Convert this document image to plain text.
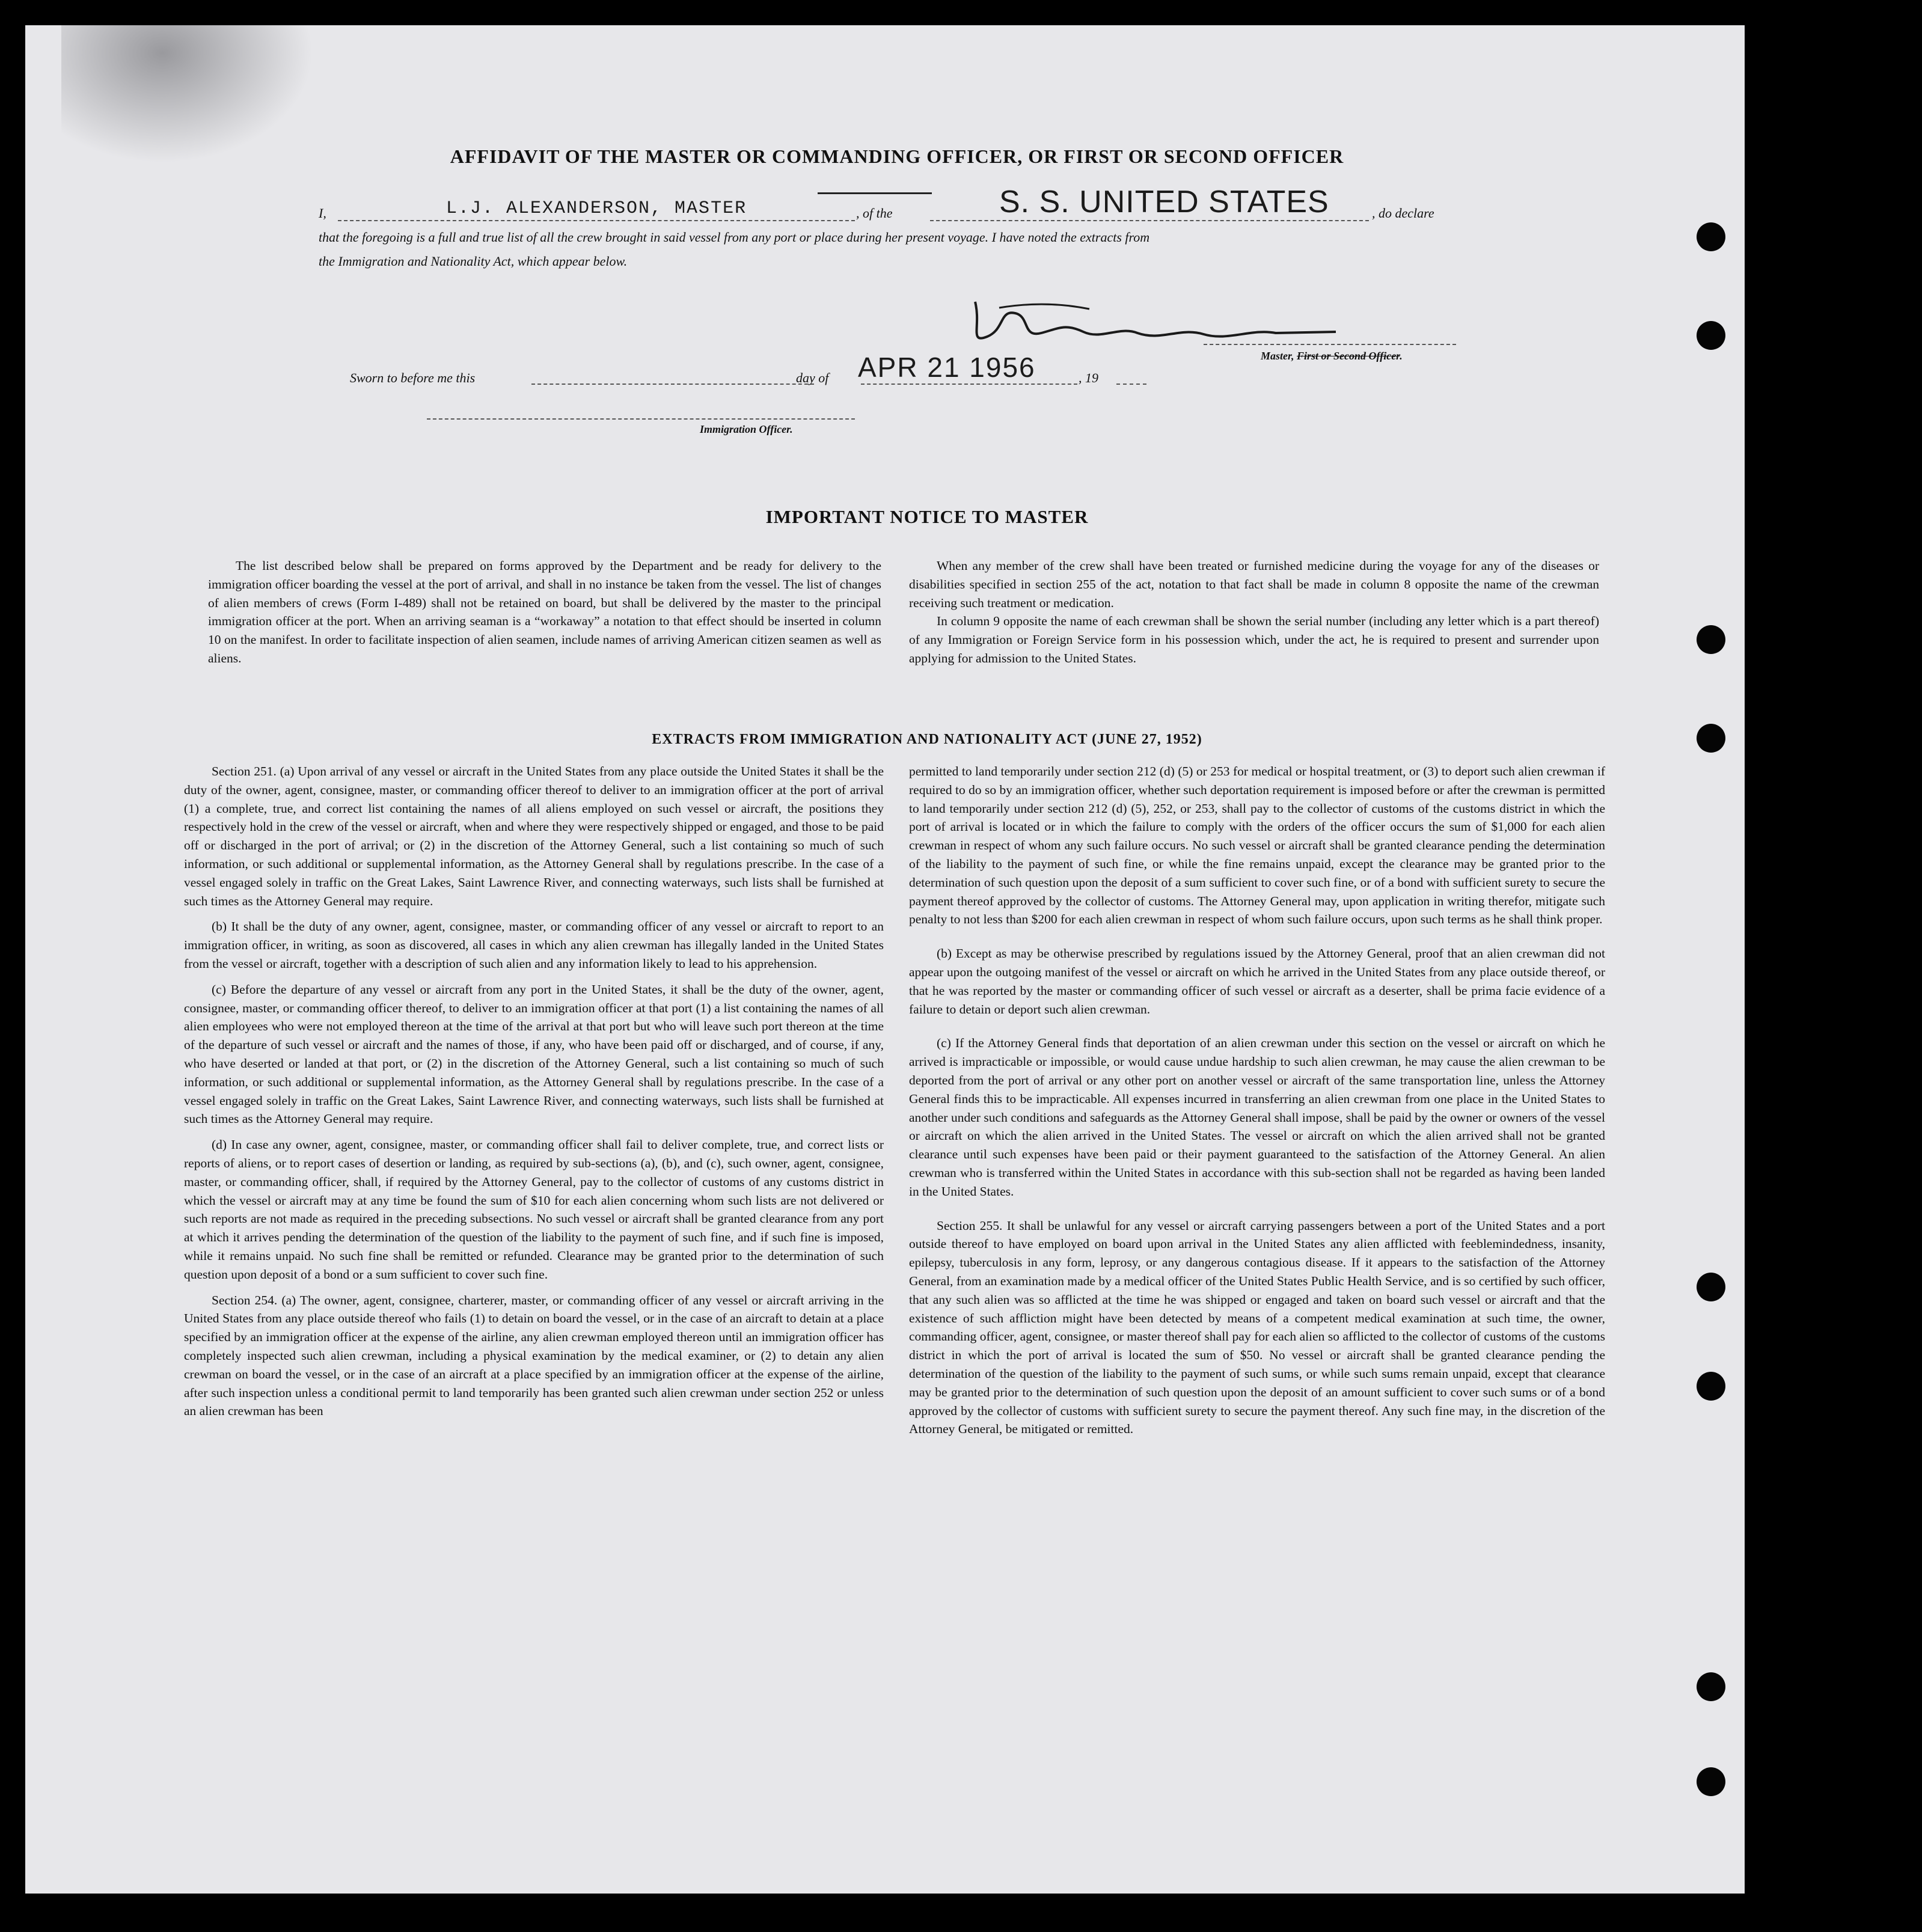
AFFIDAVIT OF THE MASTER OR COMMANDING OFFICER, OR FIRST OR SECOND OFFICER
I,	L.J. ALEXANDERSON, MASTER	, of the	S. S. UNITED STATES	, do declare
that the foregoing is a full and true list of all the crew brought in said vessel from any port or place during her present voyage. I have noted the extracts from
the Immigration and Nationality Act, which appear below.
Master, First or Second Officer.
Sworn to before me this	day of APR 21 1956	, 19
Immigration Officer.
IMPORTANT NOTICE TO MASTER

The list described below shall be prepared on forms approved by the Department and be ready for delivery to the immigration officer boarding the vessel at the port of arrival, and shall in no instance be taken from the vessel. The list of changes of alien members of crews (Form I-489) shall not be retained on board, but shall be delivered by the master to the principal immigration officer at the port. When an arriving seaman is a “workaway” a notation to that effect should be inserted in column 10 on the manifest. In order to facilitate inspection of alien seamen, include names of arriving American citizen seamen as well as aliens.

When any member of the crew shall have been treated or furnished medicine during the voyage for any of the diseases or disabilities specified in section 255 of the act, notation to that fact shall be made in column 8 opposite the name of the crewman receiving such treatment or medication.

In column 9 opposite the name of each crewman shall be shown the serial number (including any letter which is a part thereof) of any Immigration or Foreign Service form in his possession which, under the act, he is required to present and surrender upon applying for admission to the United States.

EXTRACTS FROM IMMIGRATION AND NATIONALITY ACT (JUNE 27, 1952)

Section 251. (a) Upon arrival of any vessel or aircraft in the United States from any place outside the United States it shall be the duty of the owner, agent, consignee, master, or commanding officer thereof to deliver to an immigration officer at the port of arrival (1) a complete, true, and correct list containing the names of all aliens employed on such vessel or aircraft, the positions they respectively hold in the crew of the vessel or aircraft, when and where they were respectively shipped or engaged, and those to be paid off or discharged in the port of arrival; or (2) in the discretion of the Attorney General, such a list containing so much of such information, or such additional or supplemental information, as the Attorney General shall by regulations prescribe. In the case of a vessel engaged solely in traffic on the Great Lakes, Saint Lawrence River, and connecting waterways, such lists shall be furnished at such times as the Attorney General may require.

(b) It shall be the duty of any owner, agent, consignee, master, or commanding officer of any vessel or aircraft to report to an immigration officer, in writing, as soon as discovered, all cases in which any alien crewman has illegally landed in the United States from the vessel or aircraft, together with a description of such alien and any information likely to lead to his apprehension.

(c) Before the departure of any vessel or aircraft from any port in the United States, it shall be the duty of the owner, agent, consignee, master, or commanding officer thereof, to deliver to an immigration officer at that port (1) a list containing the names of all alien employees who were not employed thereon at the time of the arrival at that port but who will leave such port thereon at the time of the departure of such vessel or aircraft and the names of those, if any, who have been paid off or discharged, and of course, if any, who have deserted or landed at that port, or (2) in the discretion of the Attorney General, such a list containing so much of such information, or such additional or supplemental information, as the Attorney General shall by regulations prescribe. In the case of a vessel engaged solely in traffic on the Great Lakes, Saint Lawrence River, and connecting waterways, such lists shall be furnished at such times as the Attorney General may require.

(d) In case any owner, agent, consignee, master, or commanding officer shall fail to deliver complete, true, and correct lists or reports of aliens, or to report cases of desertion or landing, as required by sub-sections (a), (b), and (c), such owner, agent, consignee, master, or commanding officer, shall, if required by the Attorney General, pay to the collector of customs of any customs district in which the vessel or aircraft may at any time be found the sum of $10 for each alien concerning whom such lists are not delivered or such reports are not made as required in the preceding subsections. No such vessel or aircraft shall be granted clearance from any port at which it arrives pending the determination of the question of the liability to the payment of such fine, and if such fine is imposed, while it remains unpaid. No such fine shall be remitted or refunded. Clearance may be granted prior to the determination of such question upon deposit of a bond or a sum sufficient to cover such fine.

Section 254. (a) The owner, agent, consignee, charterer, master, or commanding officer of any vessel or aircraft arriving in the United States from any place outside thereof who fails (1) to detain on board the vessel, or in the case of an aircraft to detain at a place specified by an immigration officer at the expense of the airline, any alien crewman employed thereon until an immigration officer has completely inspected such alien crewman, including a physical examination by the medical examiner, or (2) to detain any alien crewman on board the vessel, or in the case of an aircraft at a place specified by an immigration officer at the expense of the airline, after such inspection unless a conditional permit to land temporarily has been granted such alien crewman under section 252 or unless an alien crewman has been

permitted to land temporarily under section 212 (d) (5) or 253 for medical or hospital treatment, or (3) to deport such alien crewman if required to do so by an immigration officer, whether such deportation requirement is imposed before or after the crewman is permitted to land temporarily under section 212 (d) (5), 252, or 253, shall pay to the collector of customs of the customs district in which the port of arrival is located or in which the failure to comply with the orders of the officer occurs the sum of $1,000 for each alien crewman in respect of whom any such failure occurs. No such vessel or aircraft shall be granted clearance pending the determination of the liability to the payment of such fine, or while the fine remains unpaid, except the clearance may be granted prior to the determination of such question upon the deposit of a sum sufficient to cover such fine, or of a bond with sufficient surety to secure the payment thereof approved by the collector of customs. The Attorney General may, upon application in writing therefor, mitigate such penalty to not less than $200 for each alien crewman in respect of whom such failure occurs, upon such terms as he shall think proper.

(b) Except as may be otherwise prescribed by regulations issued by the Attorney General, proof that an alien crewman did not appear upon the outgoing manifest of the vessel or aircraft on which he arrived in the United States from any place outside thereof, or that he was reported by the master or commanding officer of such vessel or aircraft as a deserter, shall be prima facie evidence of a failure to detain or deport such alien crewman.

(c) If the Attorney General finds that deportation of an alien crewman under this section on the vessel or aircraft on which he arrived is impracticable or impossible, or would cause undue hardship to such alien crewman, he may cause the alien crewman to be deported from the port of arrival or any other port on another vessel or aircraft of the same transportation line, unless the Attorney General finds this to be impracticable. All expenses incurred in transferring an alien crewman from one place in the United States to another under such conditions and safeguards as the Attorney General shall impose, shall be paid by the owner or owners of the vessel or aircraft on which the alien arrived in the United States. The vessel or aircraft on which the alien arrived shall not be granted clearance until such expenses have been paid or their payment guaranteed to the satisfaction of the Attorney General. An alien crewman who is transferred within the United States in accordance with this sub-section shall not be regarded as having been landed in the United States.

Section 255. It shall be unlawful for any vessel or aircraft carrying passengers between a port of the United States and a port outside thereof to have employed on board upon arrival in the United States any alien afflicted with feeblemindedness, insanity, epilepsy, tuberculosis in any form, leprosy, or any dangerous contagious disease. If it appears to the satisfaction of the Attorney General, from an examination made by a medical officer of the United States Public Health Service, and is so certified by such officer, that any such alien was so afflicted at the time he was shipped or engaged and taken on board such vessel or aircraft and that the existence of such affliction might have been detected by means of a competent medical examination at such time, the owner, commanding officer, agent, consignee, or master thereof shall pay for each alien so afflicted to the collector of customs of the customs district in which the port of arrival is located the sum of $50. No vessel or aircraft shall be granted clearance pending the determination of the question of the liability to the payment of such sums, or while such sums remain unpaid, except that clearance may be granted prior to the determination of such question upon the deposit of an amount sufficient to cover such sums or of a bond approved by the collector of customs with sufficient surety to secure the payment thereof. Any such fine may, in the discretion of the Attorney General, be mitigated or remitted.
